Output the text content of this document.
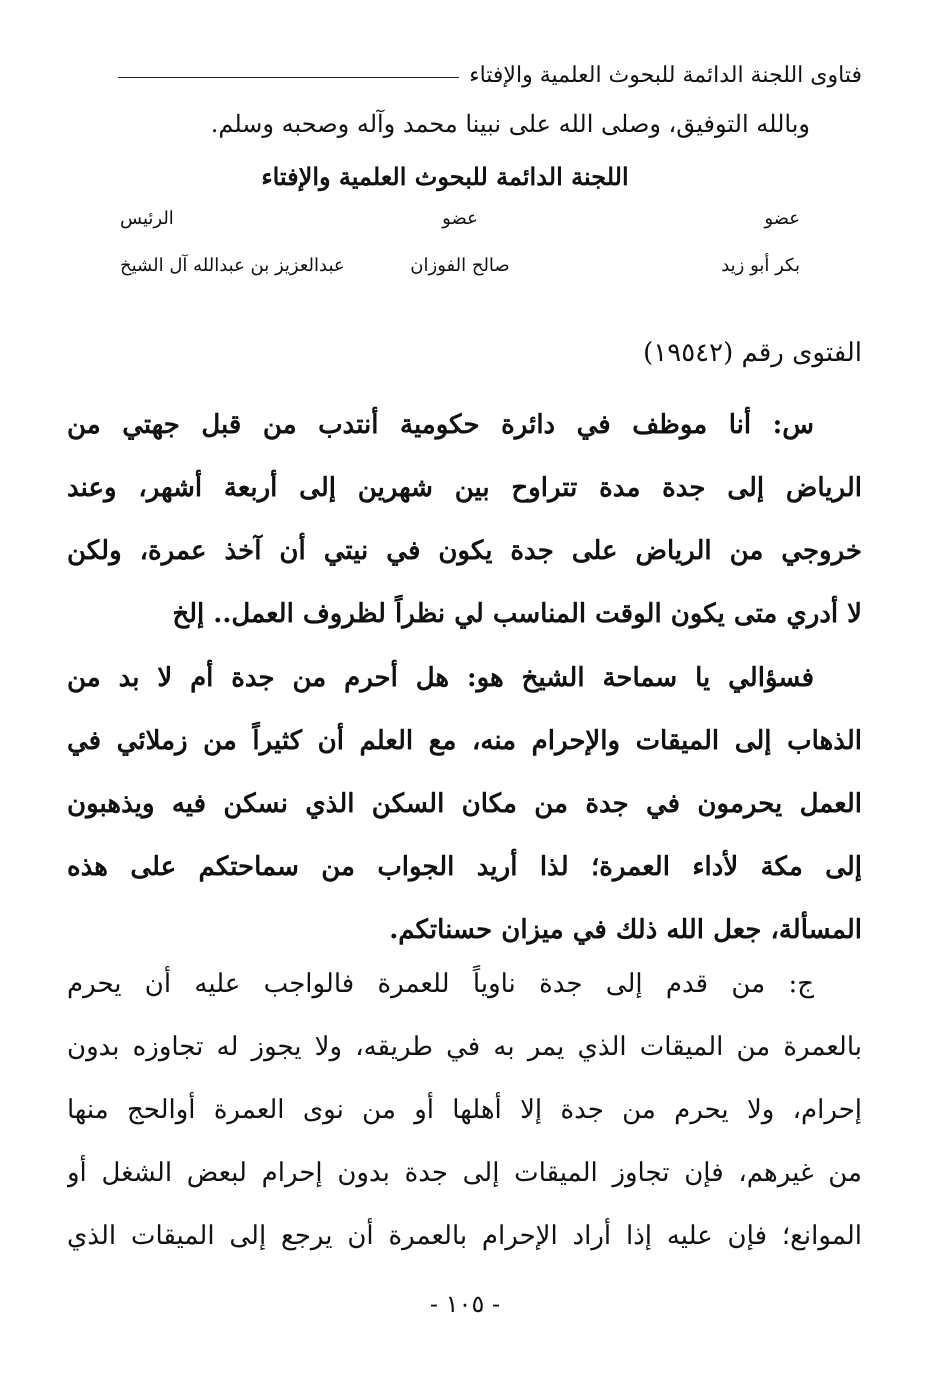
فتاوى اللجنة الدائمة للبحوث العلمية والإفتاء
وبالله التوفيق، وصلى الله على نبينا محمد وآله وصحبه وسلم.
اللجنة الدائمة للبحوث العلمية والإفتاء
عضو
عضو
الرئيس
بكر أبو زيد
صالح الفوزان
عبدالعزيز بن عبدالله آل الشيخ
الفتوى رقم (١٩٥٤٢)
س: أنا موظف في دائرة حكومية أنتدب من قبل جهتي من
الرياض إلى جدة مدة تتراوح بين شهرين إلى أربعة أشهر، وعند
خروجي من الرياض على جدة يكون في نيتي أن آخذ عمرة، ولكن
لا أدري متى يكون الوقت المناسب لي نظراً لظروف العمل.. إلخ
فسؤالي يا سماحة الشيخ هو: هل أحرم من جدة أم لا بد من
الذهاب إلى الميقات والإحرام منه، مع العلم أن كثيراً من زملائي في
العمل يحرمون في جدة من مكان السكن الذي نسكن فيه ويذهبون
إلى مكة لأداء العمرة؛ لذا أريد الجواب من سماحتكم على هذه
المسألة، جعل الله ذلك في ميزان حسناتكم.
ج: من قدم إلى جدة ناوياً للعمرة فالواجب عليه أن يحرم
بالعمرة من الميقات الذي يمر به في طريقه، ولا يجوز له تجاوزه بدون
إحرام، ولا يحرم من جدة إلا أهلها أو من نوى العمرة أوالحج منها
من غيرهم، فإن تجاوز الميقات إلى جدة بدون إحرام لبعض الشغل أو
الموانع؛ فإن عليه إذا أراد الإحرام بالعمرة أن يرجع إلى الميقات الذي
- ١٠٥ -
